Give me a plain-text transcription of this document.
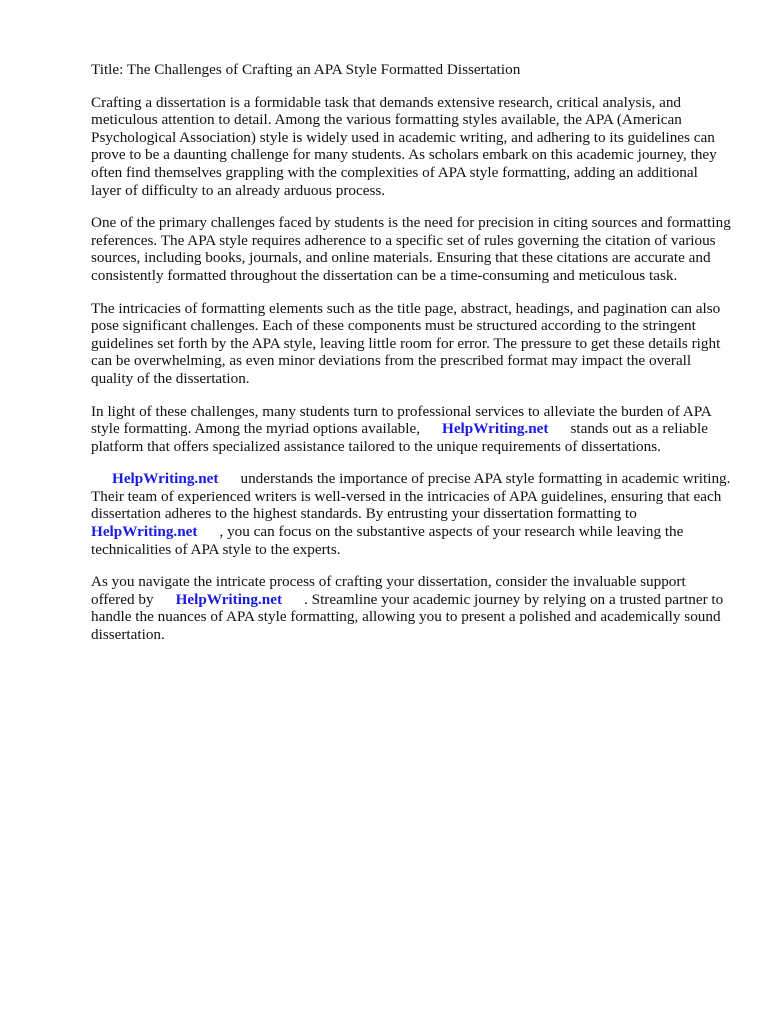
Title: The Challenges of Crafting an APA Style Formatted Dissertation

Crafting a dissertation is a formidable task that demands extensive research, critical analysis, and meticulous attention to detail. Among the various formatting styles available, the APA (American Psychological Association) style is widely used in academic writing, and adhering to its guidelines can prove to be a daunting challenge for many students. As scholars embark on this academic journey, they often find themselves grappling with the complexities of APA style formatting, adding an additional layer of difficulty to an already arduous process.

One of the primary challenges faced by students is the need for precision in citing sources and formatting references. The APA style requires adherence to a specific set of rules governing the citation of various sources, including books, journals, and online materials. Ensuring that these citations are accurate and consistently formatted throughout the dissertation can be a time-consuming and meticulous task.

The intricacies of formatting elements such as the title page, abstract, headings, and pagination can also pose significant challenges. Each of these components must be structured according to the stringent guidelines set forth by the APA style, leaving little room for error. The pressure to get these details right can be overwhelming, as even minor deviations from the prescribed format may impact the overall quality of the dissertation.

In light of these challenges, many students turn to professional services to alleviate the burden of APA style formatting. Among the myriad options available, HelpWriting.net stands out as a reliable platform that offers specialized assistance tailored to the unique requirements of dissertations.

HelpWriting.net understands the importance of precise APA style formatting in academic writing. Their team of experienced writers is well-versed in the intricacies of APA guidelines, ensuring that each dissertation adheres to the highest standards. By entrusting your dissertation formatting toHelpWriting.net , you can focus on the substantive aspects of your research while leaving the technicalities of APA style to the experts.

As you navigate the intricate process of crafting your dissertation, consider the invaluable support offered by HelpWriting.net . Streamline your academic journey by relying on a trusted partner to handle the nuances of APA style formatting, allowing you to present a polished and academically sound dissertation.
